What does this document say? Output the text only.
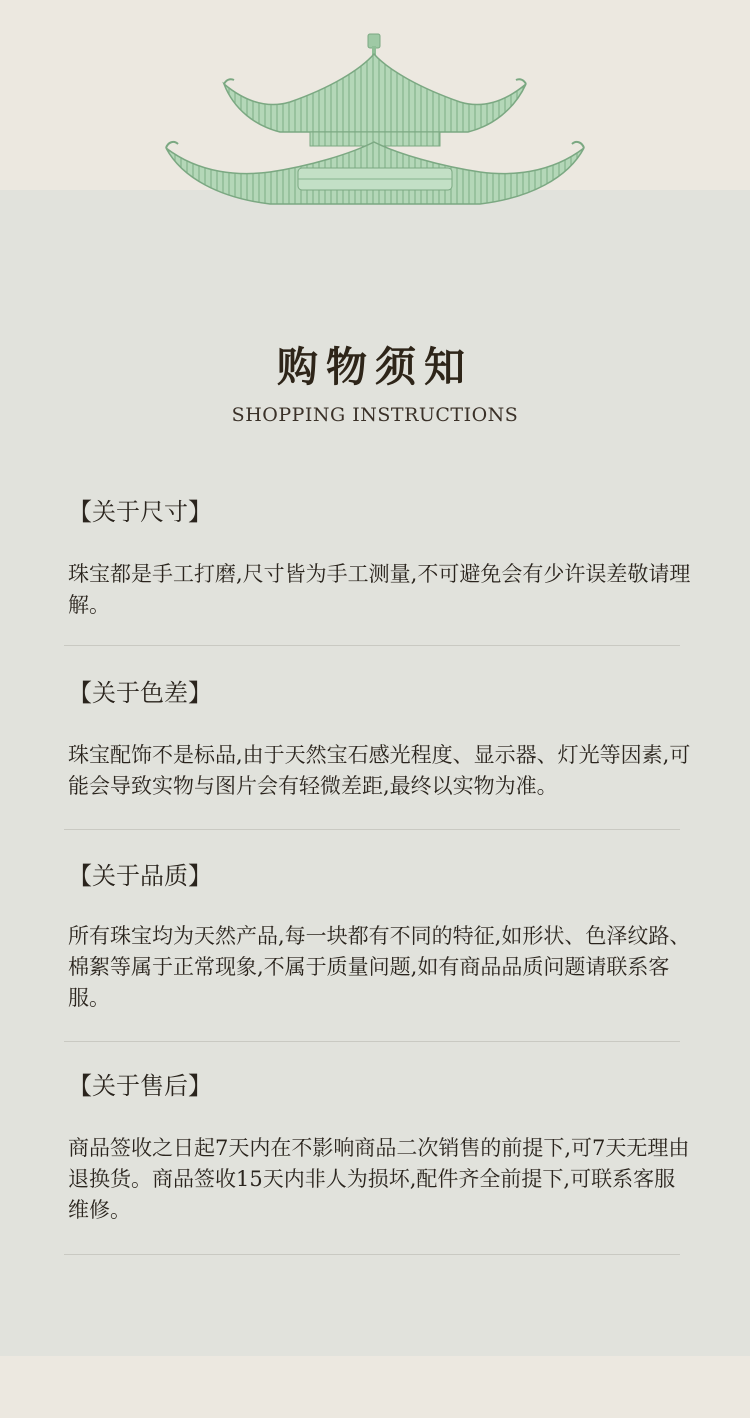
购物须知
SHOPPING INSTRUCTIONS

【关于尺寸】

珠宝都是手工打磨,尺寸皆为手工测量,不可避免会有少许误差敬请理解。

【关于色差】

珠宝配饰不是标品,由于天然宝石感光程度、显示器、灯光等因素,可能会导致实物与图片会有轻微差距,最终以实物为准。

【关于品质】

所有珠宝均为天然产品,每一块都有不同的特征,如形状、色泽纹路、棉絮等属于正常现象,不属于质量问题,如有商品品质问题请联系客服。

【关于售后】

商品签收之日起7天内在不影响商品二次销售的前提下,可7天无理由退换货。商品签收15天内非人为损坏,配件齐全前提下,可联系客服维修。
